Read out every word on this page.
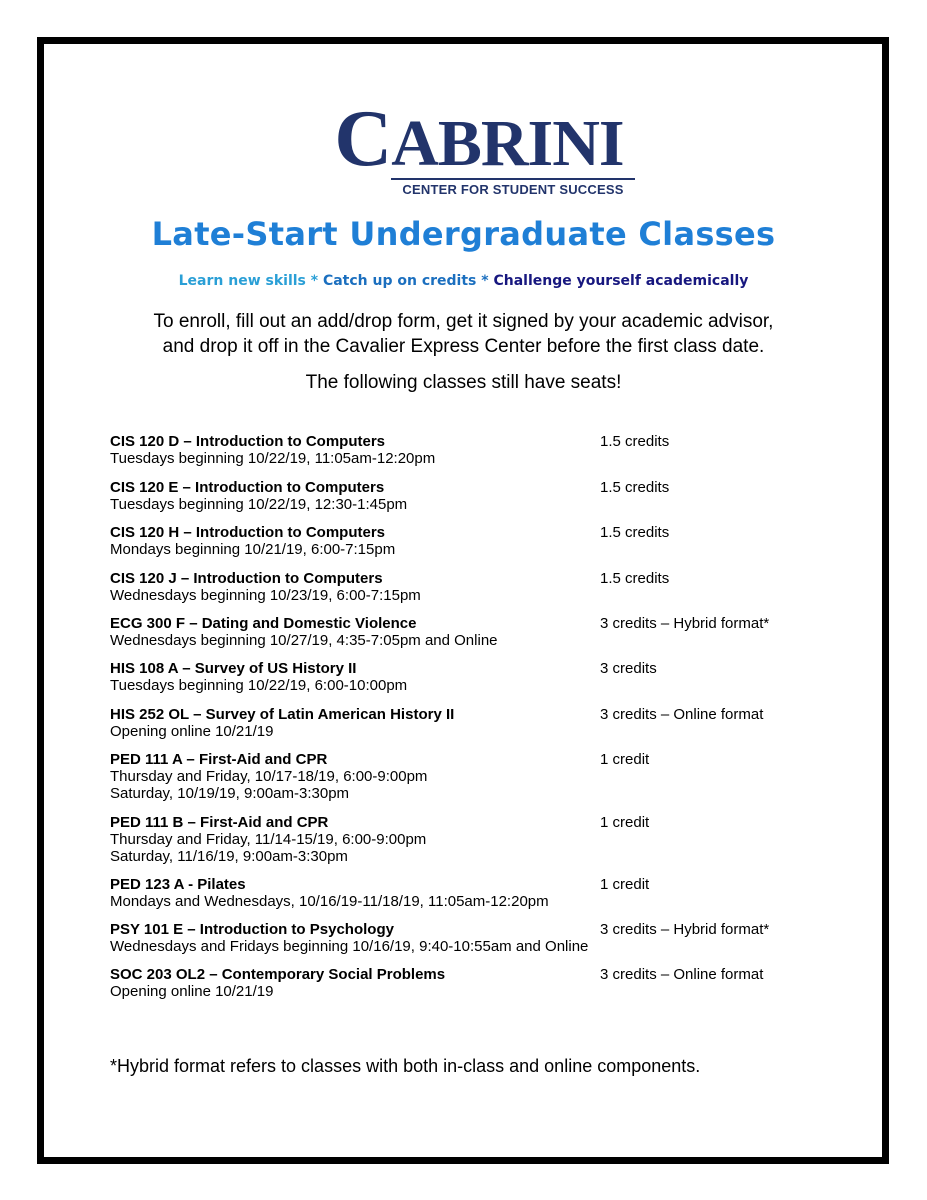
CABRINI
CENTER FOR STUDENT SUCCESS
Late-Start Undergraduate Classes
Learn new skills * Catch up on credits * Challenge yourself academically
To enroll, fill out an add/drop form, get it signed by your academic advisor,
and drop it off in the Cavalier Express Center before the first class date.
The following classes still have seats!
CIS 120 D – Introduction to Computers
Tuesdays beginning 10/22/19, 11:05am-12:20pm
1.5 credits
CIS 120 E – Introduction to Computers
Tuesdays beginning 10/22/19, 12:30-1:45pm
1.5 credits
CIS 120 H – Introduction to Computers
Mondays beginning 10/21/19, 6:00-7:15pm
1.5 credits
CIS 120 J – Introduction to Computers
Wednesdays beginning 10/23/19, 6:00-7:15pm
1.5 credits
ECG 300 F – Dating and Domestic Violence
Wednesdays beginning 10/27/19, 4:35-7:05pm and Online
3 credits – Hybrid format*
HIS 108 A – Survey of US History II
Tuesdays beginning 10/22/19, 6:00-10:00pm
3 credits
HIS 252 OL – Survey of Latin American History II
Opening online 10/21/19
3 credits – Online format
PED 111 A – First-Aid and CPR
Thursday and Friday, 10/17-18/19, 6:00-9:00pm
Saturday, 10/19/19, 9:00am-3:30pm
1 credit
PED 111 B – First-Aid and CPR
Thursday and Friday, 11/14-15/19, 6:00-9:00pm
Saturday, 11/16/19, 9:00am-3:30pm
1 credit
PED 123 A - Pilates
Mondays and Wednesdays, 10/16/19-11/18/19, 11:05am-12:20pm
1 credit
PSY 101 E – Introduction to Psychology
Wednesdays and Fridays beginning 10/16/19, 9:40-10:55am and Online
3 credits – Hybrid format*
SOC 203 OL2 – Contemporary Social Problems
Opening online 10/21/19
3 credits – Online format
*Hybrid format refers to classes with both in-class and online components.
